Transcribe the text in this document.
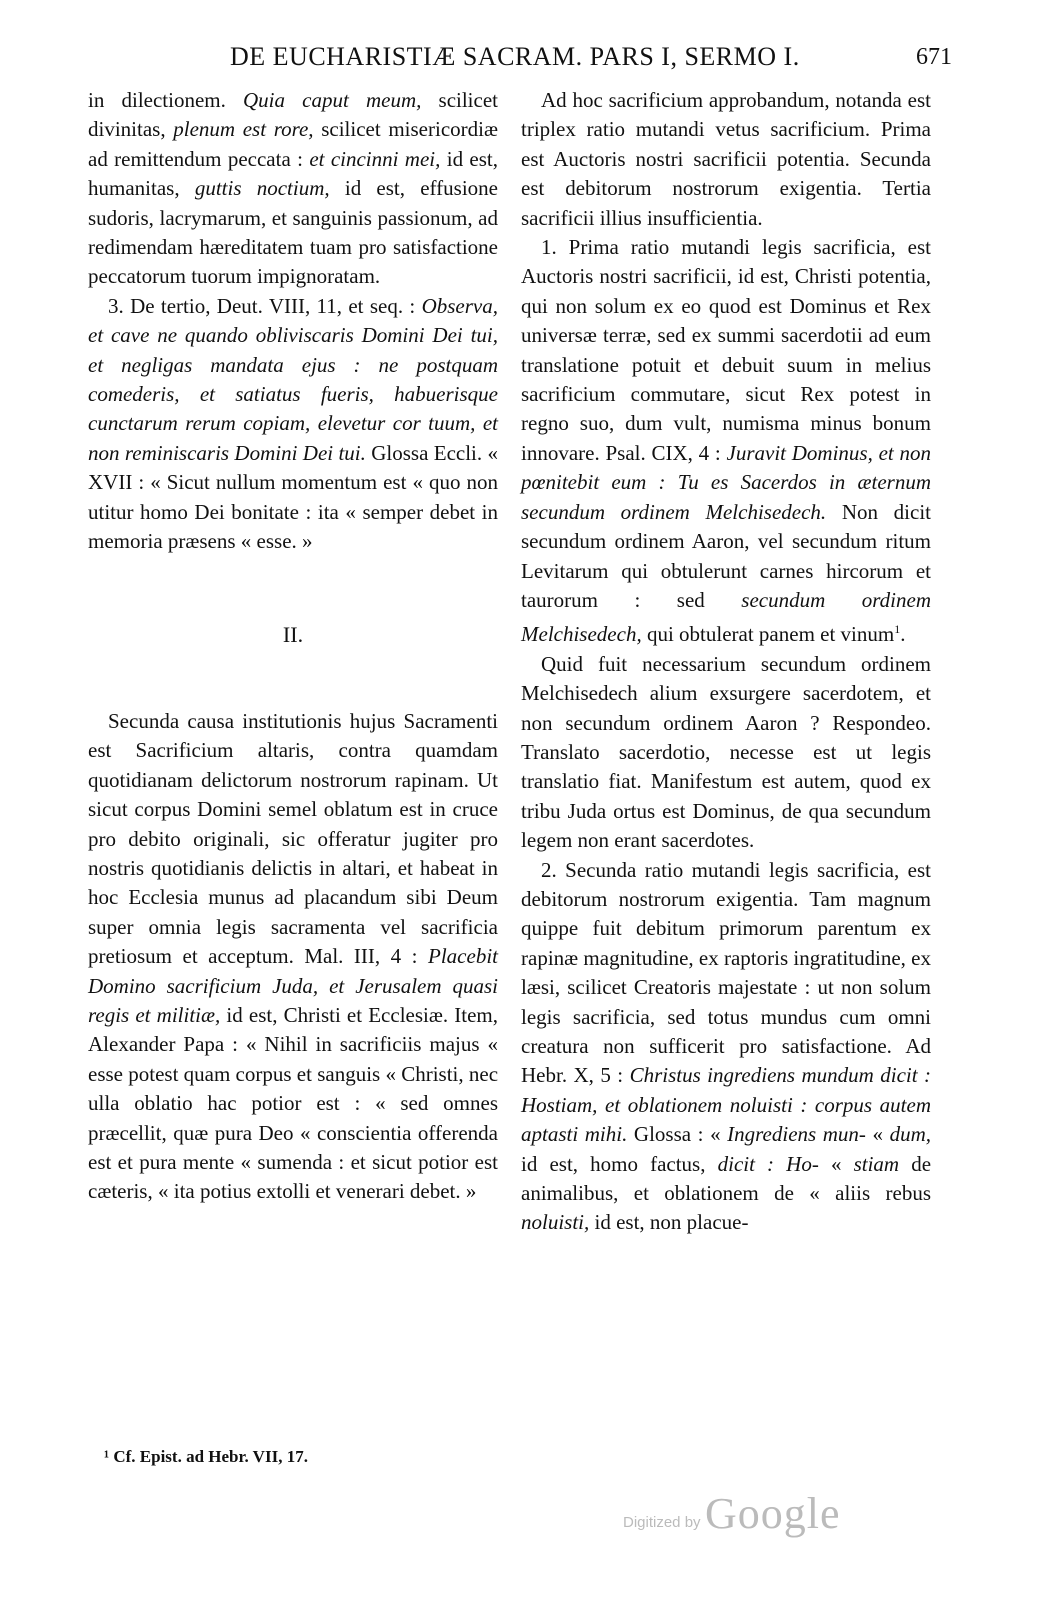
DE EUCHARISTIÆ SACRAM. PARS I, SERMO I.	671

in dilectionem. Quia caput meum, scilicet divinitas, plenum est rore, scilicet misericordiæ ad remittendum peccata : et cincinni mei, id est, humanitas, guttis noctium, id est, effusione sudoris, lacrymarum, et sanguinis passionum, ad redimendam hæreditatem tuam pro satisfactione peccatorum tuorum impignoratam.

3. De tertio, Deut. VIII, 11, et seq. : Observa, et cave ne quando obliviscaris Domini Dei tui, et negligas mandata ejus : ne postquam comederis, et satiatus fueris, habuerisque cunctarum rerum copiam, elevetur cor tuum, et non reminiscaris Domini Dei tui. Glossa Eccli. « XVII : « Sicut nullum momentum est « quo non utitur homo Dei bonitate : ita « semper debet in memoria præsens « esse. »

II.

Secunda causa institutionis hujus Sacramenti est Sacrificium altaris, contra quamdam quotidianam delictorum nostrorum rapinam. Ut sicut corpus Domini semel oblatum est in cruce pro debito originali, sic offeratur jugiter pro nostris quotidianis delictis in altari, et habeat in hoc Ecclesia munus ad placandum sibi Deum super omnia legis sacramenta vel sacrificia pretiosum et acceptum. Mal. III, 4 : Placebit Domino sacrificium Juda, et Jerusalem quasi regis et militiæ, id est, Christi et Ecclesiæ. Item, Alexander Papa : « Nihil in sacrificiis majus « esse potest quam corpus et sanguis « Christi, nec ulla oblatio hac potior est : « sed omnes præcellit, quæ pura Deo « conscientia offerenda est et pura mente « sumenda : et sicut potior est cæteris, « ita potius extolli et venerari debet. »

Ad hoc sacrificium approbandum, notanda est triplex ratio mutandi vetus sacrificium. Prima est Auctoris nostri sacrificii potentia. Secunda est debitorum nostrorum exigentia. Tertia sacrificii illius insufficientia.

1. Prima ratio mutandi legis sacrificia, est Auctoris nostri sacrificii, id est, Christi potentia, qui non solum ex eo quod est Dominus et Rex universæ terræ, sed ex summi sacerdotii ad eum translatione potuit et debuit suum in melius sacrificium commutare, sicut Rex potest in regno suo, dum vult, numisma minus bonum innovare. Psal. CIX, 4 : Juravit Dominus, et non pœnitebit eum : Tu es Sacerdos in æternum secundum ordinem Melchisedech. Non dicit secundum ordinem Aaron, vel secundum ritum Levitarum qui obtulerunt carnes hircorum et taurorum : sed secundum ordinem Melchisedech, qui obtulerat panem et vinum$^1$.

Quid fuit necessarium secundum ordinem Melchisedech alium exsurgere sacerdotem, et non secundum ordinem Aaron ? Respondeo. Translato sacerdotio, necesse est ut legis translatio fiat. Manifestum est autem, quod ex tribu Juda ortus est Dominus, de qua secundum legem non erant sacerdotes.

2. Secunda ratio mutandi legis sacrificia, est debitorum nostrorum exigentia. Tam magnum quippe fuit debitum primorum parentum ex rapinæ magnitudine, ex raptoris ingratitudine, ex læsi, scilicet Creatoris majestate : ut non solum legis sacrificia, sed totus mundus cum omni creatura non sufficerit pro satisfactione. Ad Hebr. X, 5 : Christus ingrediens mundum dicit : Hostiam, et oblationem noluisti : corpus autem aptasti mihi. Glossa : « Ingrediens mun- « dum, id est, homo factus, dicit : Ho- « stiam de animalibus, et oblationem de « aliis rebus noluisti, id est, non placue-

¹ Cf. Epist. ad Hebr. VII, 17.
Digitized by Google
